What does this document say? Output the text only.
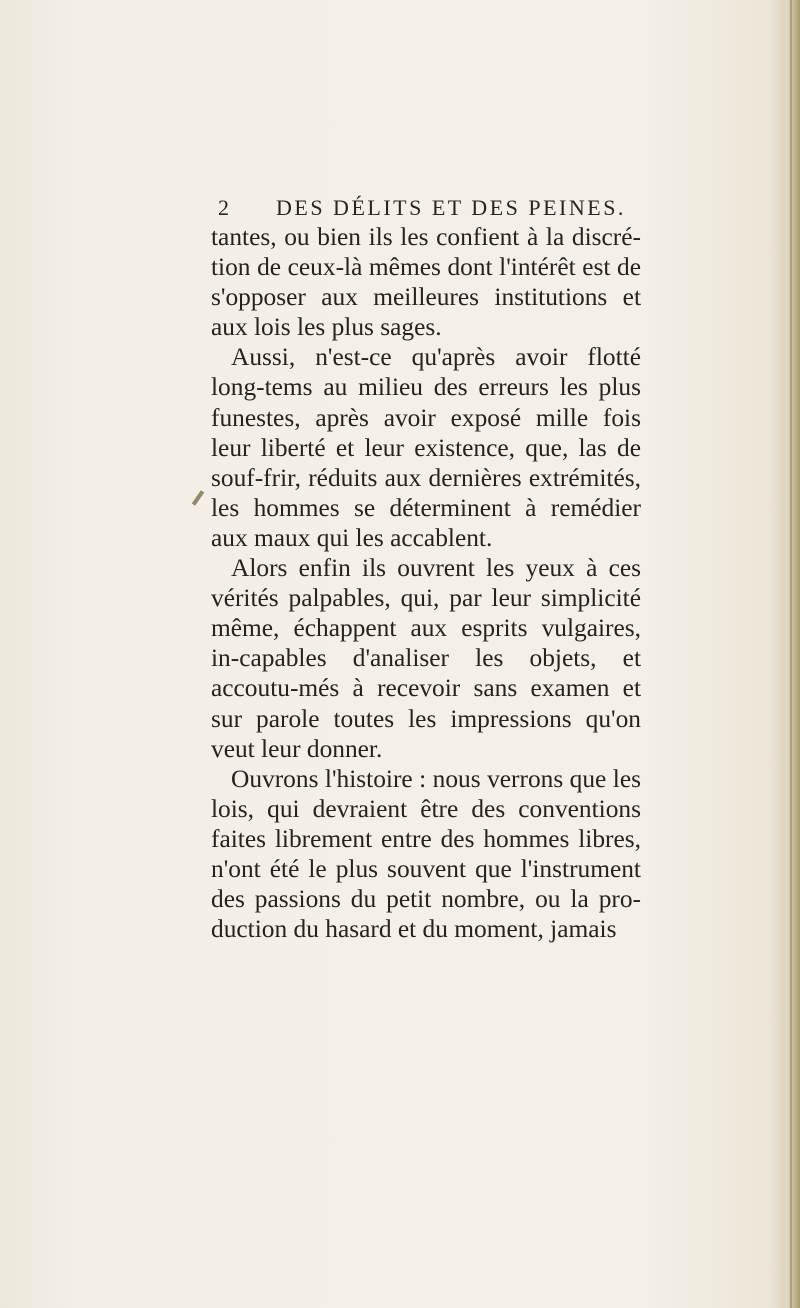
2 DES DÉLITS ET DES PEINES.

tantes, ou bien ils les confient à la discré-tion de ceux-là mêmes dont l'intérêt est de s'opposer aux meilleures institutions et aux lois les plus sages.

Aussi, n'est-ce qu'après avoir flotté long-tems au milieu des erreurs les plus funestes, après avoir exposé mille fois leur liberté et leur existence, que, las de souf-frir, réduits aux dernières extrémités, les hommes se déterminent à remédier aux maux qui les accablent.

Alors enfin ils ouvrent les yeux à ces vérités palpables, qui, par leur simplicité même, échappent aux esprits vulgaires, in-capables d'analiser les objets, et accoutu-més à recevoir sans examen et sur parole toutes les impressions qu'on veut leur donner.

Ouvrons l'histoire : nous verrons que les lois, qui devraient être des conventions faites librement entre des hommes libres, n'ont été le plus souvent que l'instrument des passions du petit nombre, ou la pro-duction du hasard et du moment, jamais
